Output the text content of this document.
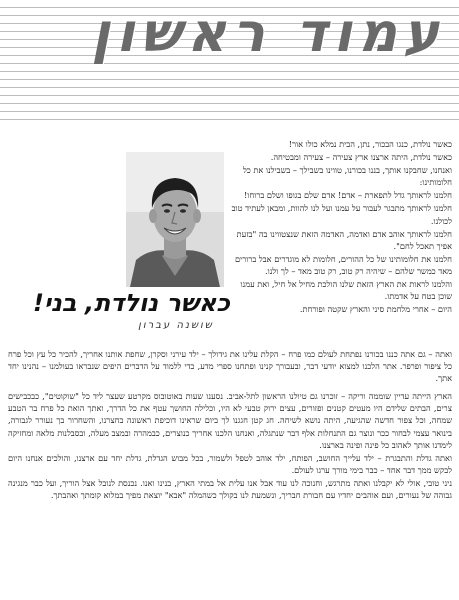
עמוד ראשון
כאשר נולדת, בני!
שושנה עברון

כאשר נולדת, כנגו הבכור, נתן, הבית נמלא כולו אור!

כאשר נולדת, היתה ארצנו ארץ צעירה – צעירה ומבטיחה.

ואנחנו, שחבקנו אותך, בננו בכורנו, טווינו בשבילך – בשבילנו את כל חלומותינו:

חלמנו לראותך גדל לתפארת – אדם! אדם שלם בגופו ושלם ברוחו!

חלמנו לראותך מתבגר לעבור על עמנו ועל לנו להוות, ומבאן לעתיד טוב לכולנו.

חלמנו לראותך אוהב אדם ואדמה, האדמה הזאת שנצטווינו בה "בזעת אפיך תאכל לחם".

חלמנו את חלומותינו של כל ההורים, חלומות לא מוגדרים אבל ברורים מאד כמשר שלהם – שיהיה רק טוב, רק טוב מאד – לך ולנו.

והלמנו לראות את הארץ הזאת שלנו הולכת מחיל אל חיל, ואת עמנו שוכן בטח על אדמתו.

היום – אחרי מלחמת סיני והארץ שקטה ופורחת.

ואתה – גם אתה כננו בכורנו נפתחת לעולם כמו פרח – הקלת עלינו את גידולך – ילד עירני וסקרן, שחפת אותנו אחריך, להכיר כל עץ וכל פרח כל ציפור ופרפר. אתר הלכנו למצוא יודעי דבר, ובעבורך קנינו ופתחנו ספרי מדע, כדי ללמוד על הדברים היפים שנבראו בעולמנו – נהנינו יחד אתך.

הארץ הייתה עדיין שוממה וריקה – זוכרנו גם טיולנו הראשון לתל-אביב. נסענו שעות באוטובוס מקרטע שעצר ליד כל "שוקוטים", כבכבישים צרים, הבתים שלידם היו מעטים קטנים ופזורים, עצים ירוק טבעי לא היו, וכלילה החושך עטף את כל הדרך, ואתך הואת כל פרח בר הטבע שמחה, וכל צפור חדשה שהגיעה, היתה נושא לשיחה. חג קטן חגגנו לך ביום שראינו דוכיפת ראשונה בחצרנו, והשחרור בך נעורר לגבורה, בינואר עצמי לבחור ככר ונוצר גם התנחלות אלף דבר שנתגלה, ואנחנו הלכנו אחריך כנוצרים, כבמהרה ובמצב מעלה, ובסבלנות מלאה ומחזיקה לימדנו אותך לאהוב כל פינה ופינה בארצנו.

ואתה גדלת והתבגרת – ילד עלייך החושב, הפותח, ילד אוהב לטפל ולשמור, בכל מבוש הגדלת, גדלת יחד עם ארצנו, והולכים אנחנו היום לבקש ממך דבר אחד – כבר בימי מורך ערגו לעולם.

ניני טובי, אולי לא יקבלנו ואתה מתרגש, וחנוכה לנו עוד אבל אנו עלית אל במתי הארץ, בנינו ואנו. נכנסת לנובל אצל הוריך, ועל כבר מנגינה גבוהה של נעורים, ועם אוהבים יחדיו עם חבורת חבריך, ונשמעת לנו בקולך כשהמלה "אבא" יוצאת מפיך במלוא קומתך ואהבתך.
